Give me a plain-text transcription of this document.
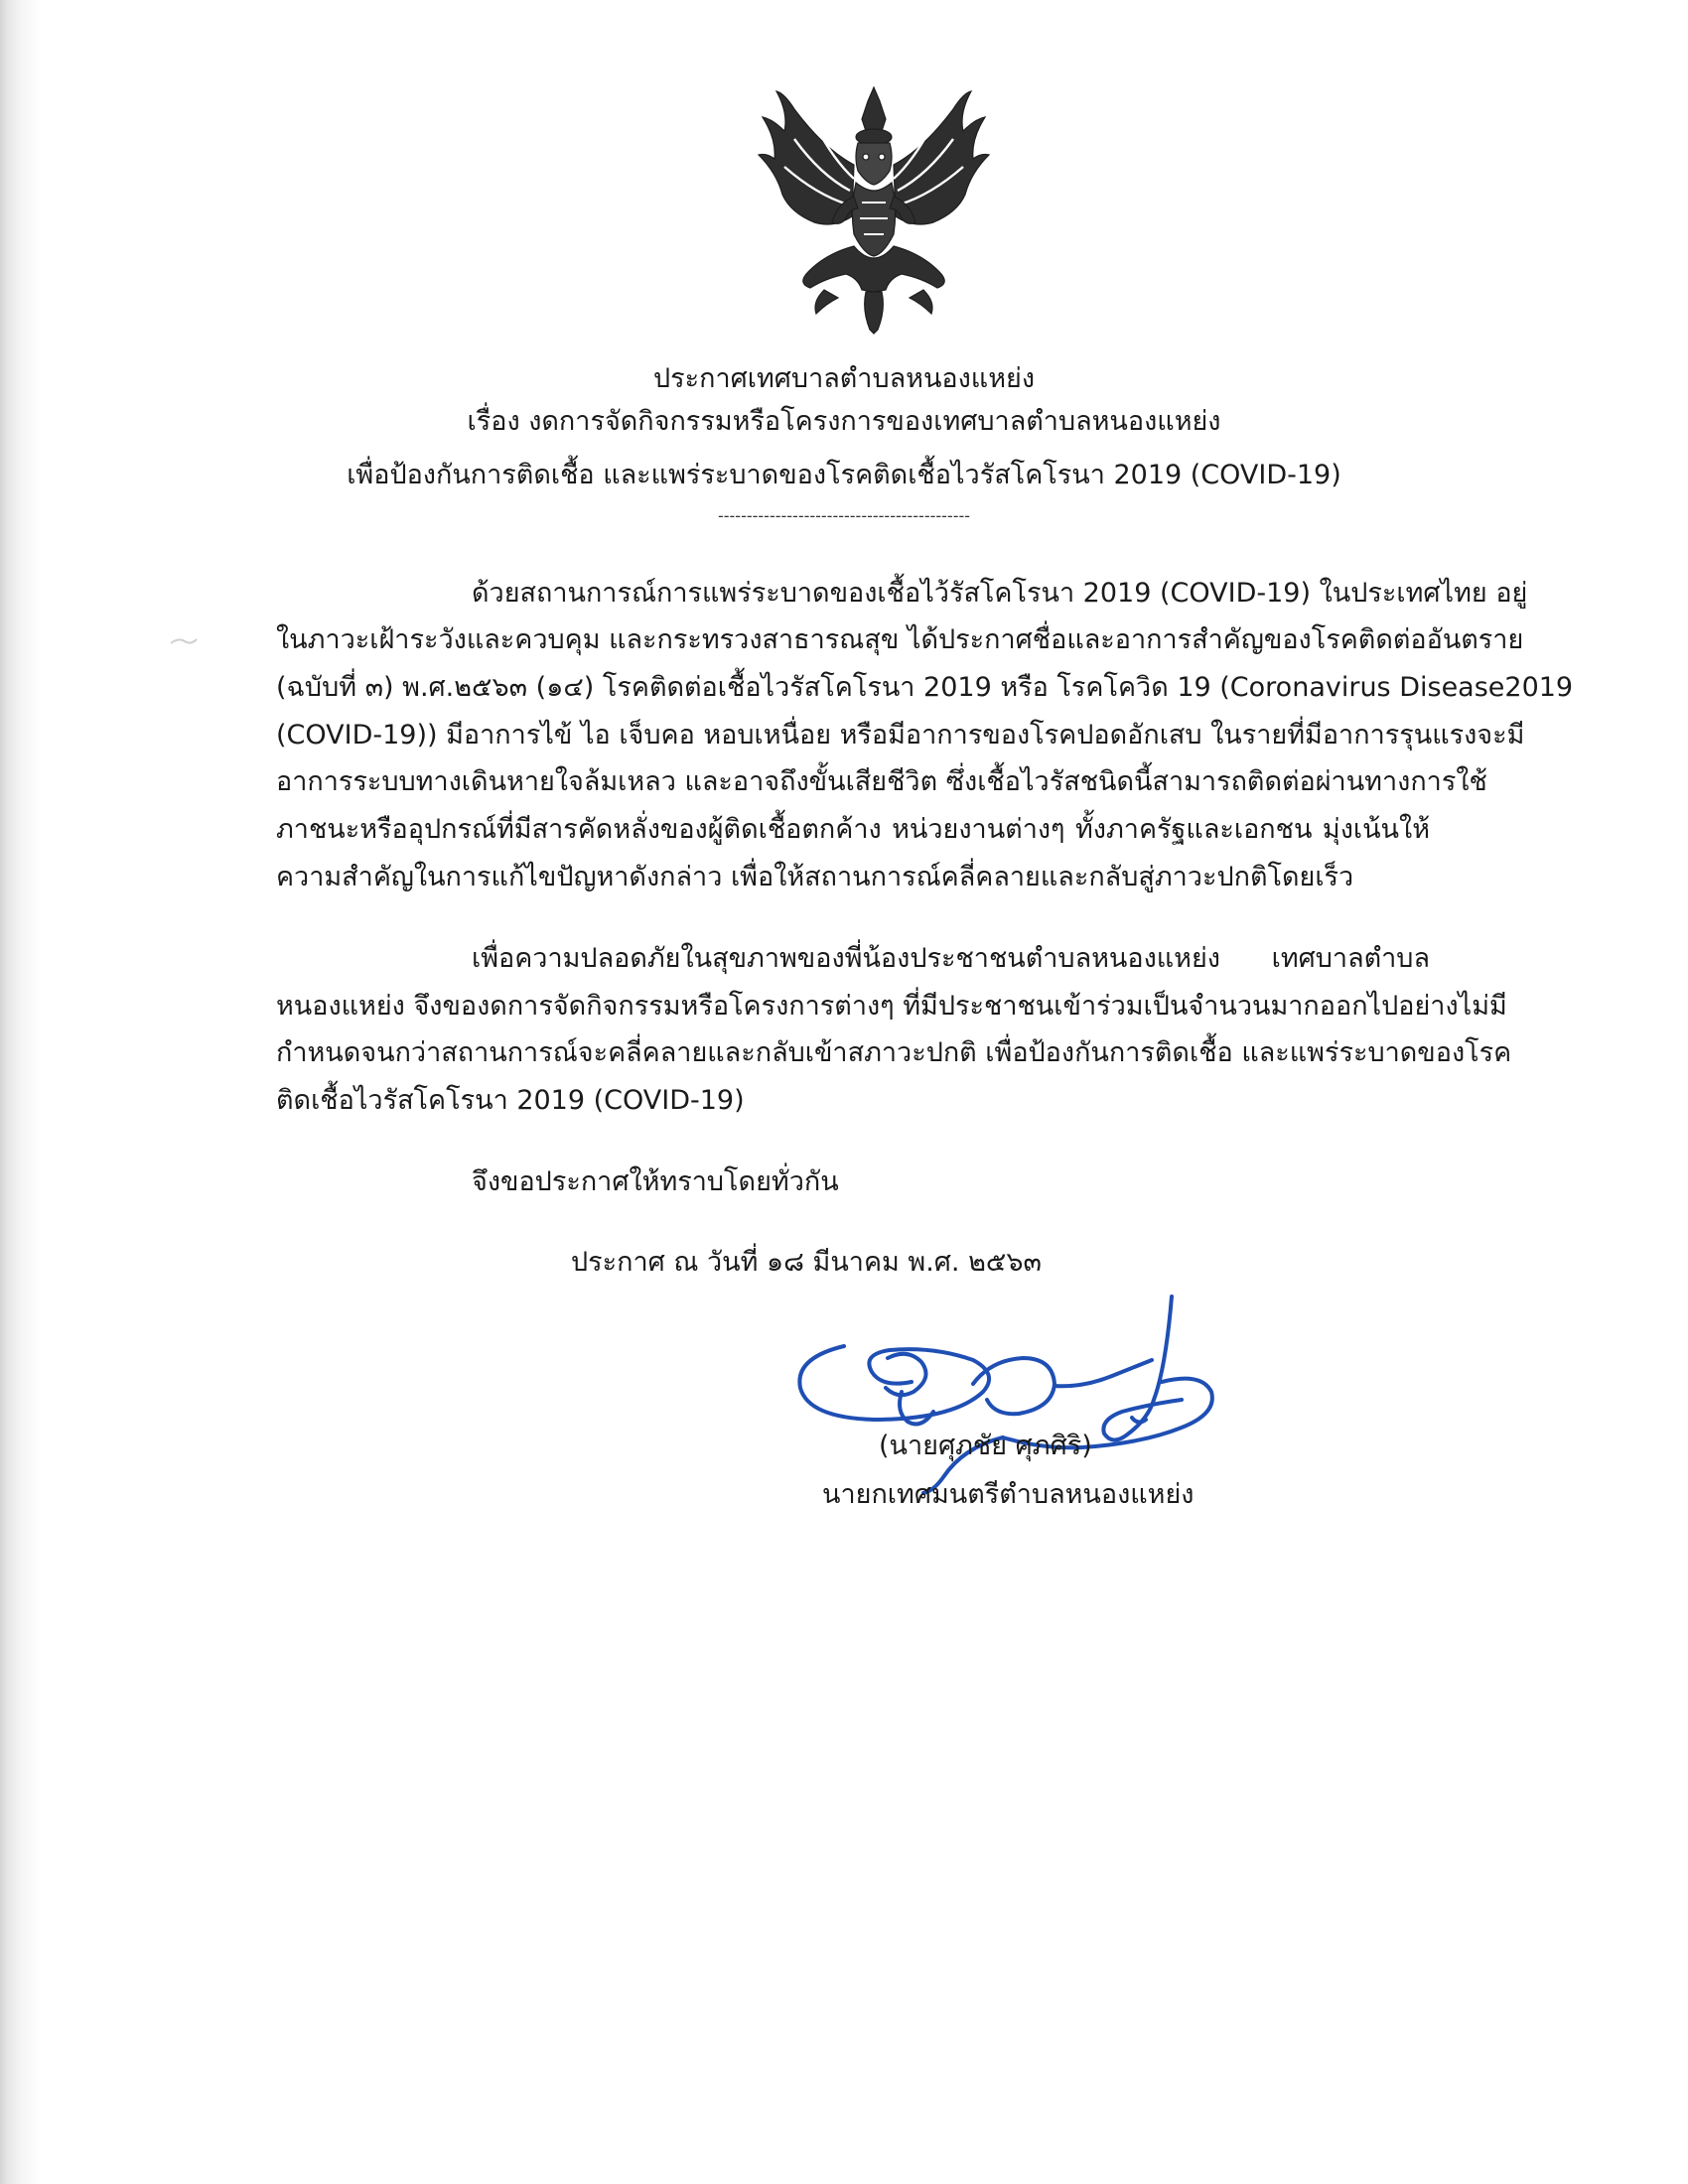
ประกาศเทศบาลตำบลหนองแหย่ง
เรื่อง งดการจัดกิจกรรมหรือโครงการของเทศบาลตำบลหนองแหย่ง
เพื่อป้องกันการติดเชื้อ และแพร่ระบาดของโรคติดเชื้อไวรัสโคโรนา 2019 (COVID-19)
--------------------------------------------
ด้วยสถานการณ์การแพร่ระบาดของเชื้อไว้รัสโคโรนา 2019 (COVID-19) ในประเทศไทย อยู่
ในภาวะเฝ้าระวังและควบคุม และกระทรวงสาธารณสุข ได้ประกาศชื่อและอาการสำคัญของโรคติดต่ออันตราย
(ฉบับที่ ๓) พ.ศ.๒๕๖๓ (๑๔) โรคติดต่อเชื้อไวรัสโคโรนา 2019 หรือ โรคโควิด 19 (Coronavirus Disease2019
(COVID-19)) มีอาการไข้ ไอ เจ็บคอ หอบเหนื่อย หรือมีอาการของโรคปอดอักเสบ ในรายที่มีอาการรุนแรงจะมี
อาการระบบทางเดินหายใจล้มเหลว และอาจถึงขั้นเสียชีวิต ซึ่งเชื้อไวรัสชนิดนี้สามารถติดต่อผ่านทางการใช้
ภาชนะหรืออุปกรณ์ที่มีสารคัดหลั่งของผู้ติดเชื้อตกค้าง หน่วยงานต่างๆ ทั้งภาครัฐและเอกชน มุ่งเน้นให้
ความสำคัญในการแก้ไขปัญหาดังกล่าว เพื่อให้สถานการณ์คลี่คลายและกลับสู่ภาวะปกติโดยเร็ว
เพื่อความปลอดภัยในสุขภาพของพี่น้องประชาชนตำบลหนองแหย่ง เทศบาลตำบล
หนองแหย่ง จึงของดการจัดกิจกรรมหรือโครงการต่างๆ ที่มีประชาชนเข้าร่วมเป็นจำนวนมากออกไปอย่างไม่มี
กำหนดจนกว่าสถานการณ์จะคลี่คลายและกลับเข้าสภาวะปกติ เพื่อป้องกันการติดเชื้อ และแพร่ระบาดของโรค
ติดเชื้อไวรัสโคโรนา 2019 (COVID-19)
จึงขอประกาศให้ทราบโดยทั่วกัน
ประกาศ ณ วันที่ ๑๘ มีนาคม พ.ศ. ๒๕๖๓
(นายศุภชัย ศุภศิริ)
นายกเทศมนตรีตำบลหนองแหย่ง
